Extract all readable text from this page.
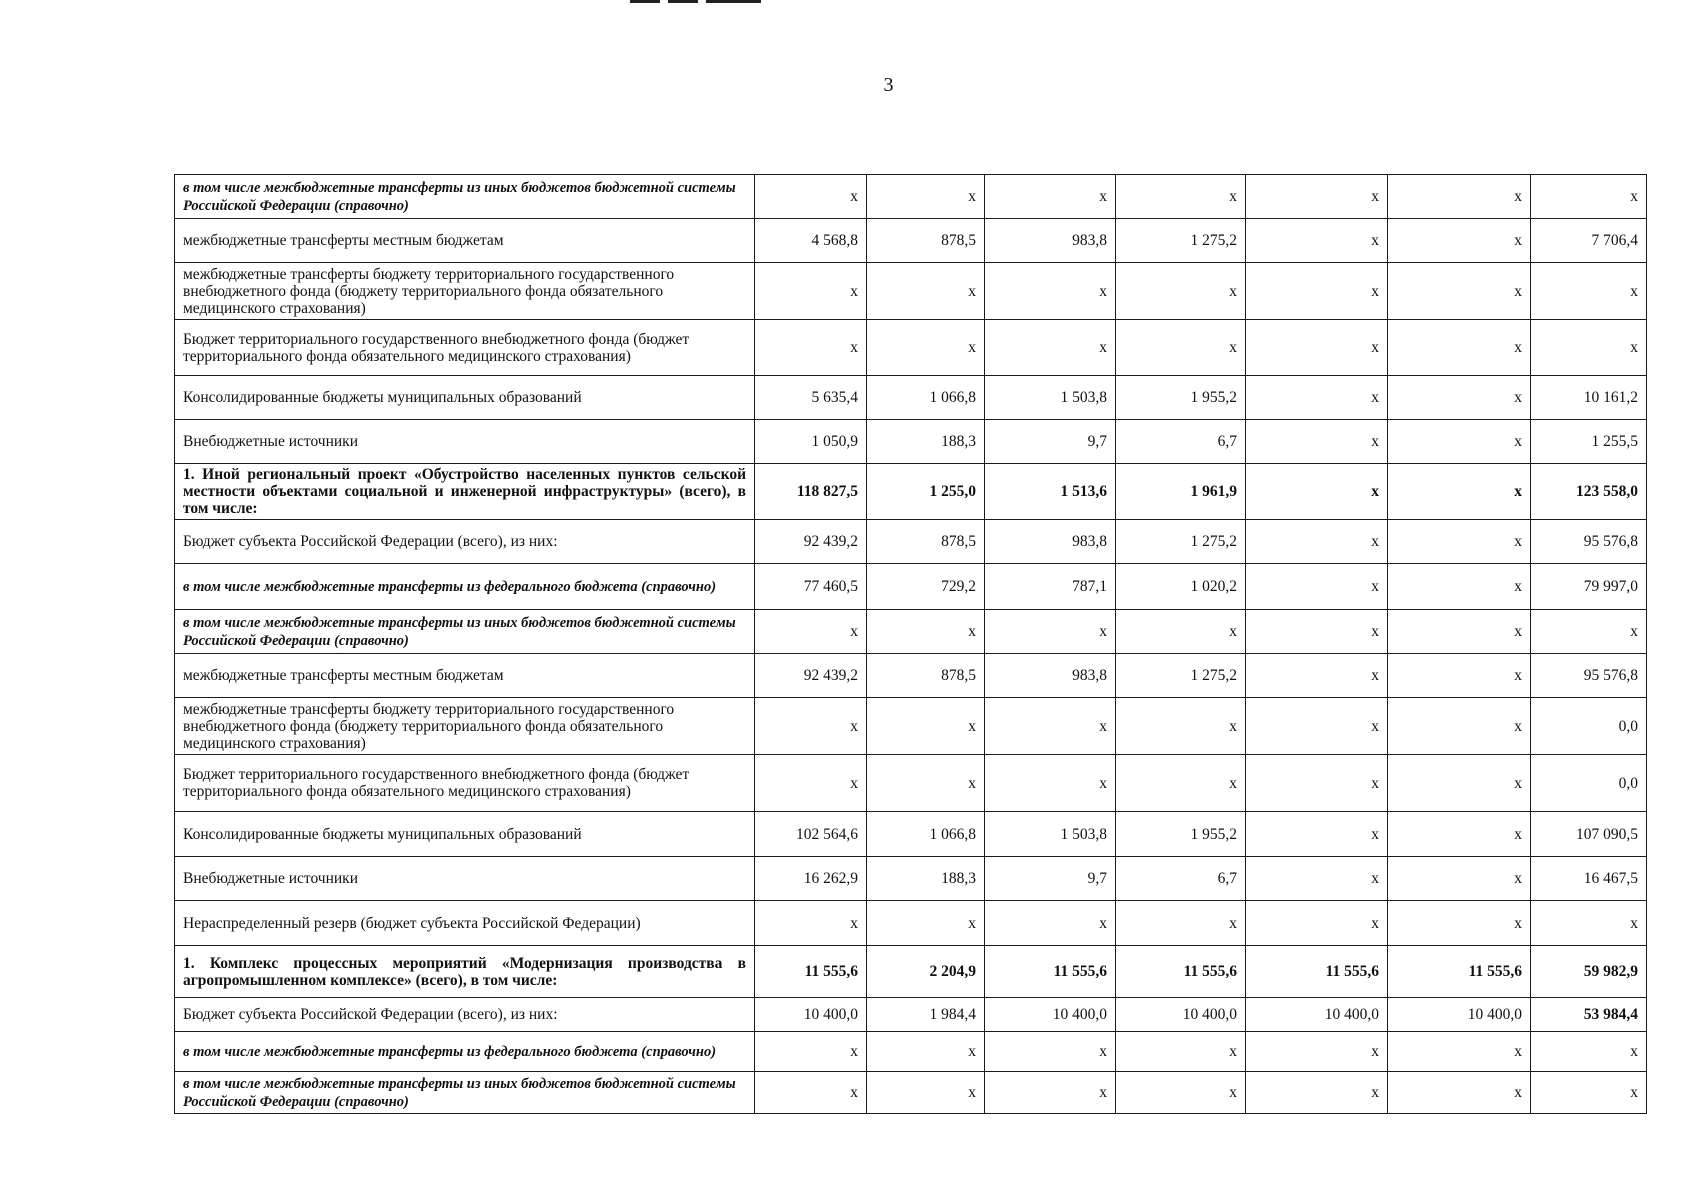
3
в том числе межбюджетные трансферты из иных бюджетов бюджетной системы Российской Федерации (справочно)	х	х	х	х	х	х	х
межбюджетные трансферты местным бюджетам	4 568,8	878,5	983,8	1 275,2	х	х	7 706,4
межбюджетные трансферты бюджету территориального государственного внебюджетного фонда (бюджету территориального фонда обязательного медицинского страхования)	х	х	х	х	х	х	х
Бюджет территориального государственного внебюджетного фонда (бюджет территориального фонда обязательного медицинского страхования)	х	х	х	х	х	х	х
Консолидированные бюджеты муниципальных образований	5 635,4	1 066,8	1 503,8	1 955,2	х	х	10 161,2
Внебюджетные источники	1 050,9	188,3	9,7	6,7	х	х	1 255,5
1. Иной региональный проект «Обустройство населенных пунктов сельской местности объектами социальной и инженерной инфраструктуры» (всего), в том числе:	118 827,5	1 255,0	1 513,6	1 961,9	х	х	123 558,0
Бюджет субъекта Российской Федерации (всего), из них:	92 439,2	878,5	983,8	1 275,2	х	х	95 576,8
в том числе межбюджетные трансферты из федерального бюджета (справочно)	77 460,5	729,2	787,1	1 020,2	х	х	79 997,0
в том числе межбюджетные трансферты из иных бюджетов бюджетной системы Российской Федерации (справочно)	х	х	х	х	х	х	х
межбюджетные трансферты местным бюджетам	92 439,2	878,5	983,8	1 275,2	х	х	95 576,8
межбюджетные трансферты бюджету территориального государственного внебюджетного фонда (бюджету территориального фонда обязательного медицинского страхования)	х	х	х	х	х	х	0,0
Бюджет территориального государственного внебюджетного фонда (бюджет территориального фонда обязательного медицинского страхования)	х	х	х	х	х	х	0,0
Консолидированные бюджеты муниципальных образований	102 564,6	1 066,8	1 503,8	1 955,2	х	х	107 090,5
Внебюджетные источники	16 262,9	188,3	9,7	6,7	х	х	16 467,5
Нераспределенный резерв (бюджет субъекта Российской Федерации)	х	х	х	х	х	х	х
1. Комплекс процессных мероприятий «Модернизация производства в агропромышленном комплексе» (всего), в том числе:	11 555,6	2 204,9	11 555,6	11 555,6	11 555,6	11 555,6	59 982,9
Бюджет субъекта Российской Федерации (всего), из них:	10 400,0	1 984,4	10 400,0	10 400,0	10 400,0	10 400,0	53 984,4
в том числе межбюджетные трансферты из федерального бюджета (справочно)	х	х	х	х	х	х	х
в том числе межбюджетные трансферты из иных бюджетов бюджетной системы Российской Федерации (справочно)	х	х	х	х	х	х	х
